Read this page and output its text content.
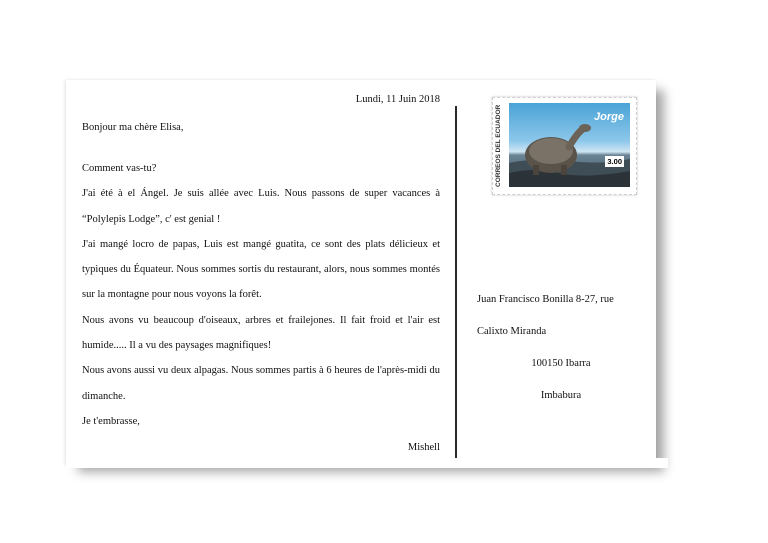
Lundi, 11 Juin 2018
Bonjour ma chère Elisa,
Comment vas-tu?
J'ai été à el Ángel. Je suis allée avec Luis. Nous passons de super vacances à “Polylepis Lodge”, c' est genial !
J'ai mangé locro de papas, Luis est mangé guatita, ce sont des plats délicieux et typiques du Équateur. Nous sommes sortis du restaurant, alors, nous sommes montés sur la montagne pour nous voyons la forêt.
Nous avons vu beaucoup d'oiseaux, arbres et frailejones. Il fait froid et l'air est humide..... Il a vu des paysages magnifiques!
Nous avons aussi vu deux alpagas. Nous sommes partis à 6 heures de l'après-midi du dimanche.
Je t'embrasse,
Mishell
CORREOS DEL ECUADOR	Jorge
3.00
Juan Francisco Bonilla 8-27, rue
Calixto Miranda
100150 Ibarra
Imbabura
